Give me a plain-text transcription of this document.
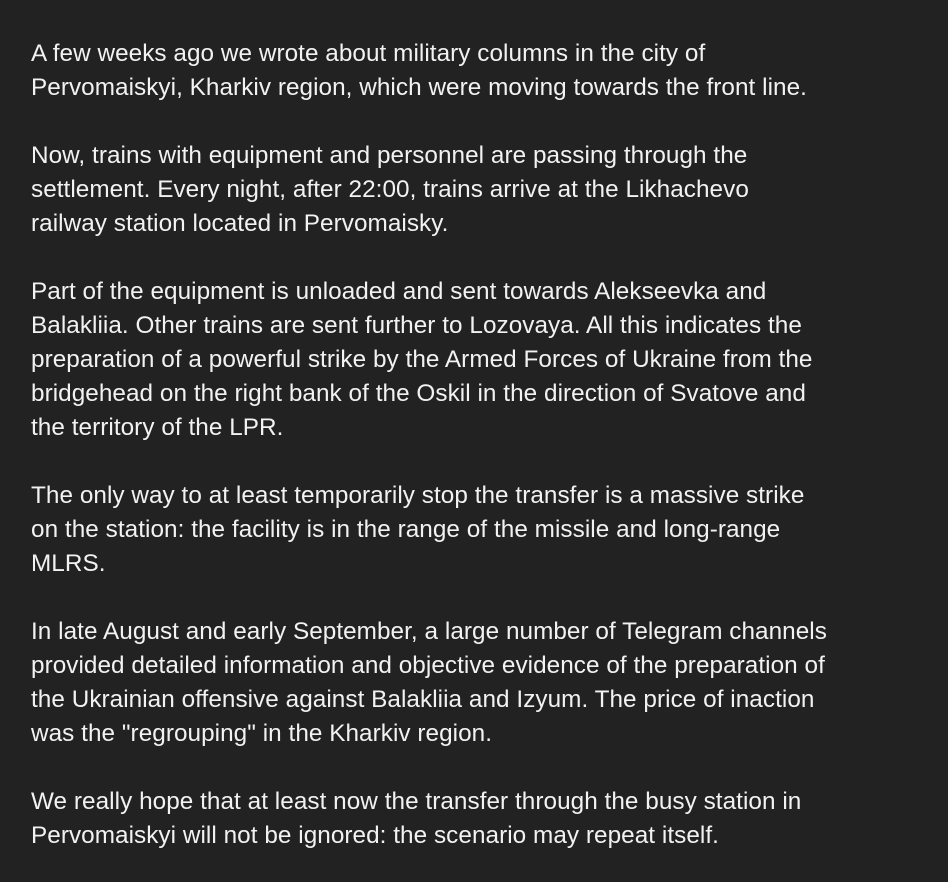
A few weeks ago we wrote about military columns in the city of
Pervomaiskyi, Kharkiv region, which were moving towards the front line.

Now, trains with equipment and personnel are passing through the
settlement. Every night, after 22:00, trains arrive at the Likhachevo
railway station located in Pervomaisky.

Part of the equipment is unloaded and sent towards Alekseevka and
Balakliia. Other trains are sent further to Lozovaya. All this indicates the
preparation of a powerful strike by the Armed Forces of Ukraine from the
bridgehead on the right bank of the Oskil in the direction of Svatove and
the territory of the LPR.

The only way to at least temporarily stop the transfer is a massive strike
on the station: the facility is in the range of the missile and long-range
MLRS.

In late August and early September, a large number of Telegram channels
provided detailed information and objective evidence of the preparation of
the Ukrainian offensive against Balakliia and Izyum. The price of inaction
was the "regrouping" in the Kharkiv region.

We really hope that at least now the transfer through the busy station in
Pervomaiskyi will not be ignored: the scenario may repeat itself.
